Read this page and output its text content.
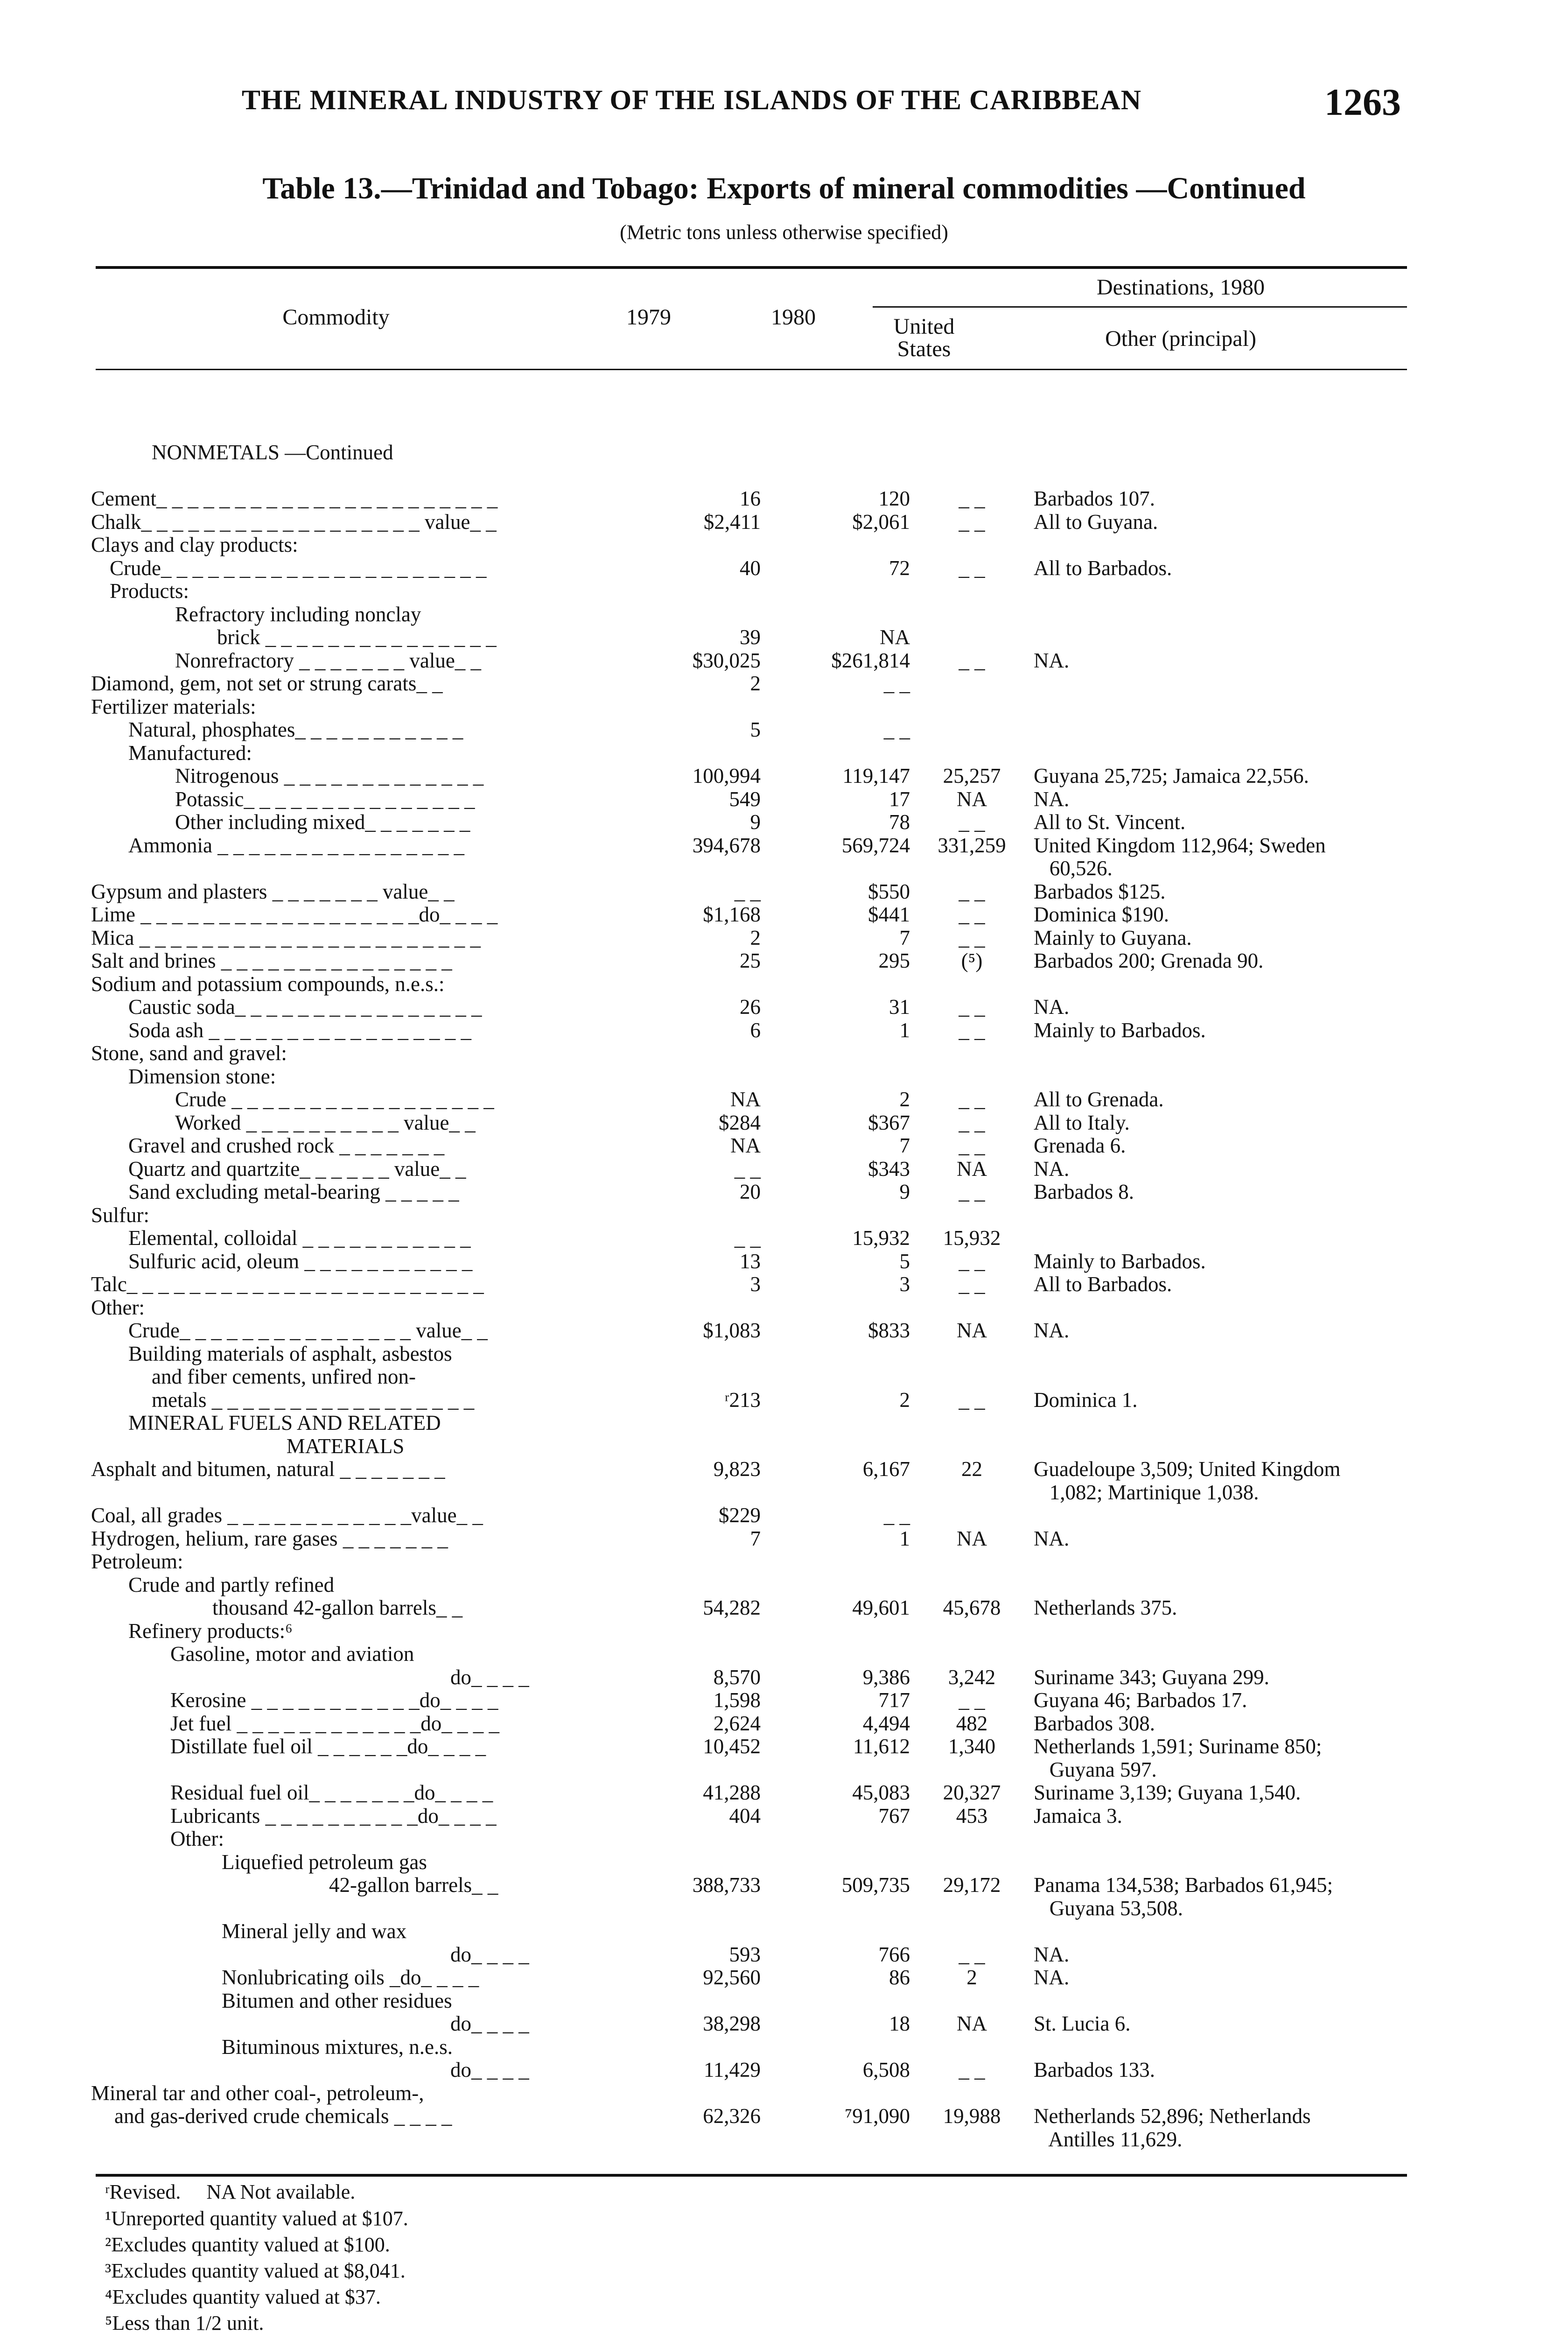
THE MINERAL INDUSTRY OF THE ISLANDS OF THE CARIBBEAN	1263
Table 13.—Trinidad and Tobago: Exports of mineral commodities —Continued
(Metric tons unless otherwise specified)
Commodity	1979	1980
Destinations, 1980
United States	Other (principal)
NONMETALS —Continued				

Cement_ _ _ _ _ _ _ _ _ _ _ _ _ _ _ _ _ _ _ _ _ _	16	120	_ _	Barbados 107.
Chalk_ _ _ _ _ _ _ _ _ _ _ _ _ _ _ _ _ _ value_ _	$2,411	$2,061	_ _	All to Guyana.
Clays and clay products:				
Crude_ _ _ _ _ _ _ _ _ _ _ _ _ _ _ _ _ _ _ _ _	40	72	_ _	All to Barbados.
Products:				
Refractory including nonclay				
brick _ _ _ _ _ _ _ _ _ _ _ _ _ _ _	39	NA		
Nonrefractory _ _ _ _ _ _ _ value_ _	$30,025	$261,814	_ _	NA.
Diamond, gem, not set or strung carats_ _	2	_ _		
Fertilizer materials:				
Natural, phosphates_ _ _ _ _ _ _ _ _ _ _	5	_ _		
Manufactured:				
Nitrogenous _ _ _ _ _ _ _ _ _ _ _ _ _	100,994	119,147	25,257	Guyana 25,725; Jamaica 22,556.
Potassic_ _ _ _ _ _ _ _ _ _ _ _ _ _ _	549	17	NA	NA.
Other including mixed_ _ _ _ _ _ _	9	78	_ _	All to St. Vincent.
Ammonia _ _ _ _ _ _ _ _ _ _ _ _ _ _ _ _	394,678	569,724	331,259	United Kingdom 112,964; Sweden
				60,526.
Gypsum and plasters _ _ _ _ _ _ _ value_ _	_ _	$550	_ _	Barbados $125.
Lime _ _ _ _ _ _ _ _ _ _ _ _ _ _ _ _ _ _do_ _ _ _	$1,168	$441	_ _	Dominica $190.
Mica _ _ _ _ _ _ _ _ _ _ _ _ _ _ _ _ _ _ _ _ _ _	2	7	_ _	Mainly to Guyana.
Salt and brines _ _ _ _ _ _ _ _ _ _ _ _ _ _ _	25	295	(⁵)	Barbados 200; Grenada 90.
Sodium and potassium compounds, n.e.s.:				
Caustic soda_ _ _ _ _ _ _ _ _ _ _ _ _ _ _ _	26	31	_ _	NA.
Soda ash _ _ _ _ _ _ _ _ _ _ _ _ _ _ _ _ _	6	1	_ _	Mainly to Barbados.
Stone, sand and gravel:				
Dimension stone:				
Crude _ _ _ _ _ _ _ _ _ _ _ _ _ _ _ _ _	NA	2	_ _	All to Grenada.
Worked _ _ _ _ _ _ _ _ _ _ value_ _	$284	$367	_ _	All to Italy.
Gravel and crushed rock _ _ _ _ _ _ _	NA	7	_ _	Grenada 6.
Quartz and quartzite_ _ _ _ _ _ value_ _	_ _	$343	NA	NA.
Sand excluding metal-bearing _ _ _ _ _	20	9	_ _	Barbados 8.
Sulfur:				
Elemental, colloidal _ _ _ _ _ _ _ _ _ _ _	_ _	15,932	15,932	
Sulfuric acid, oleum _ _ _ _ _ _ _ _ _ _ _	13	5	_ _	Mainly to Barbados.
Talc_ _ _ _ _ _ _ _ _ _ _ _ _ _ _ _ _ _ _ _ _ _ _	3	3	_ _	All to Barbados.
Other:				
Crude_ _ _ _ _ _ _ _ _ _ _ _ _ _ _ value_ _	$1,083	$833	NA	NA.
Building materials of asphalt, asbestos				
and fiber cements, unfired non-				
metals _ _ _ _ _ _ _ _ _ _ _ _ _ _ _ _ _	ʳ213	2	_ _	Dominica 1.
MINERAL FUELS AND RELATED				

MATERIALS				

Asphalt and bitumen, natural _ _ _ _ _ _ _	9,823	6,167	22	Guadeloupe 3,509; United Kingdom
				1,082; Martinique 1,038.
Coal, all grades _ _ _ _ _ _ _ _ _ _ _ _value_ _	$229	_ _		
Hydrogen, helium, rare gases _ _ _ _ _ _ _	7	1	NA	NA.
Petroleum:				
Crude and partly refined				
thousand 42-gallon barrels_ _	54,282	49,601	45,678	Netherlands 375.
Refinery products:⁶				
Gasoline, motor and aviation				
do_ _ _ _	8,570	9,386	3,242	Suriname 343; Guyana 299.
Kerosine _ _ _ _ _ _ _ _ _ _ _do_ _ _ _	1,598	717	_ _	Guyana 46; Barbados 17.
Jet fuel _ _ _ _ _ _ _ _ _ _ _ _do_ _ _ _	2,624	4,494	482	Barbados 308.
Distillate fuel oil _ _ _ _ _ _do_ _ _ _	10,452	11,612	1,340	Netherlands 1,591; Suriname 850;
				Guyana 597.
Residual fuel oil_ _ _ _ _ _ _do_ _ _ _	41,288	45,083	20,327	Suriname 3,139; Guyana 1,540.
Lubricants _ _ _ _ _ _ _ _ _ _do_ _ _ _	404	767	453	Jamaica 3.
Other:				
Liquefied petroleum gas				
42-gallon barrels_ _	388,733	509,735	29,172	Panama 134,538; Barbados 61,945;
				Guyana 53,508.
Mineral jelly and wax				
do_ _ _ _	593	766	_ _	NA.
Nonlubricating oils _do_ _ _ _	92,560	86	2	NA.
Bitumen and other residues				
do_ _ _ _	38,298	18	NA	St. Lucia 6.
Bituminous mixtures, n.e.s.				
do_ _ _ _	11,429	6,508	_ _	Barbados 133.
Mineral tar and other coal-, petroleum-,				
and gas-derived crude chemicals _ _ _ _	62,326	⁷91,090	19,988	Netherlands 52,896; Netherlands
				Antilles 11,629.
ʳRevised.     NA Not available.
¹Unreported quantity valued at $107.
²Excludes quantity valued at $100.
³Excludes quantity valued at $8,041.
⁴Excludes quantity valued at $37.
⁵Less than 1/2 unit.
